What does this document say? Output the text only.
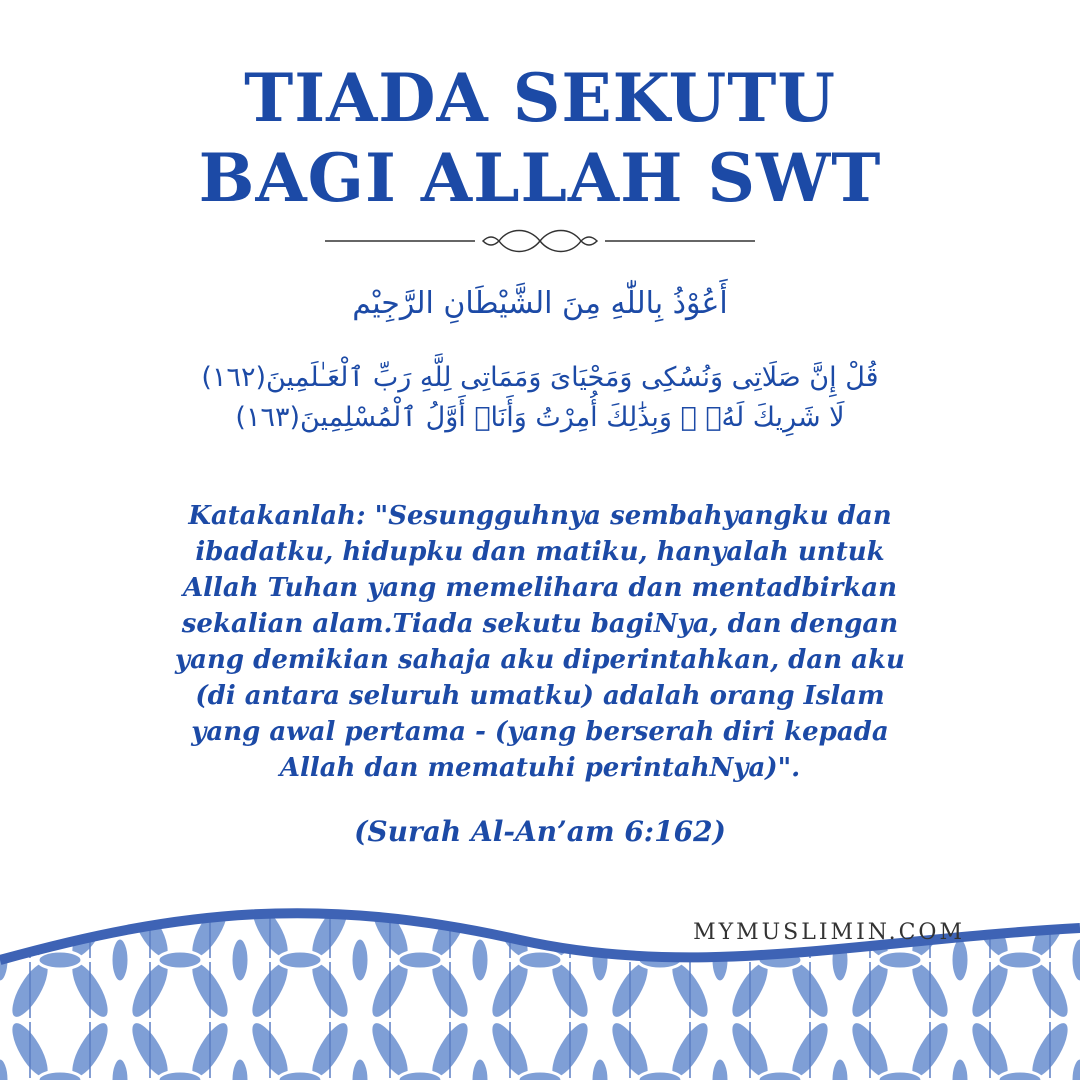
TIADA SEKUTU
BAGI ALLAH SWT
أَعُوْذُ بِاللّٰهِ مِنَ الشَّيْطَانِ الرَّجِيْم
قُلْ إِنَّ صَلَاتِى وَنُسُكِى وَمَحْيَاىَ وَمَمَاتِى لِلَّهِ رَبِّ ٱلْعَـٰلَمِينَ(١٦٢)
لَا شَرِيكَ لَهُۥ ۖ وَبِذَٰلِكَ أُمِرْتُ وَأَنَا۠ أَوَّلُ ٱلْمُسْلِمِينَ(١٦٣)

Katakanlah: "Sesungguhnya sembahyangku dan
ibadatku, hidupku dan matiku, hanyalah untuk
Allah Tuhan yang memelihara dan mentadbirkan
sekalian alam.Tiada sekutu bagiNya, dan dengan
yang demikian sahaja aku diperintahkan, dan aku
(di antara seluruh umatku) adalah orang Islam
yang awal pertama - (yang berserah diri kepada
Allah dan mematuhi perintahNya)".

(Surah Al-An’am 6:162)
MYMUSLIMIN.COM
